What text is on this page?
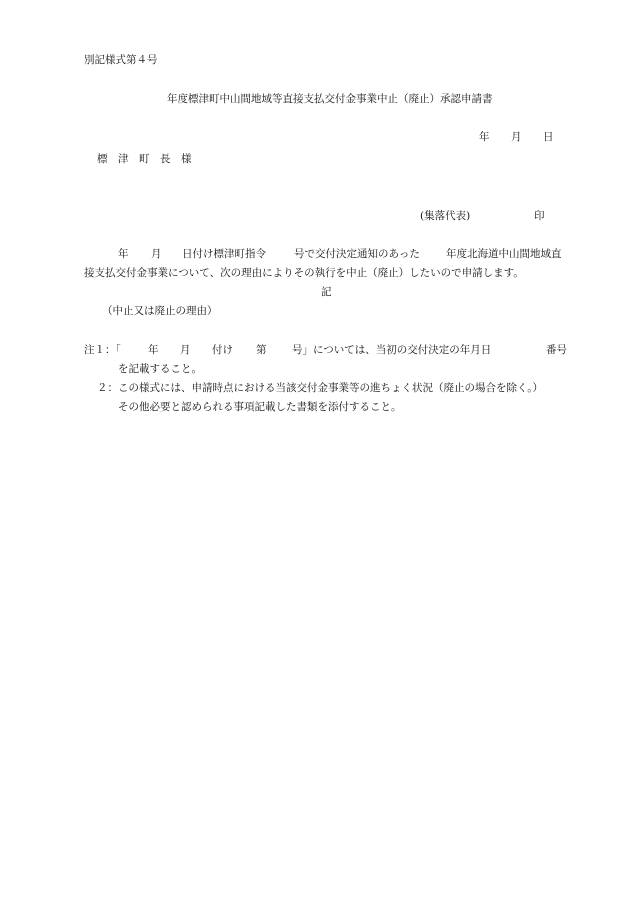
別記様式第４号
年度標津町中山間地域等直接支払交付金事業中止（廃止）承認申請書
年 月 日
標 津 町 長 様
(集落代表)	印
年 月 日付け標津町指令	号で交付決定通知のあった 年度北海道中山間地域直
接支払交付金事業について、次の理由によりその執行を中止（廃止）したいので申請します。
記
（中止又は廃止の理由）
注１：「	年 月 付け 第 号」については、当初の交付決定の年月日	番号
を記載すること。
２： この様式には、申請時点における当該交付金事業等の進ちょく状況（廃止の場合を除く。）
その他必要と認められる事項記載した書類を添付すること。
